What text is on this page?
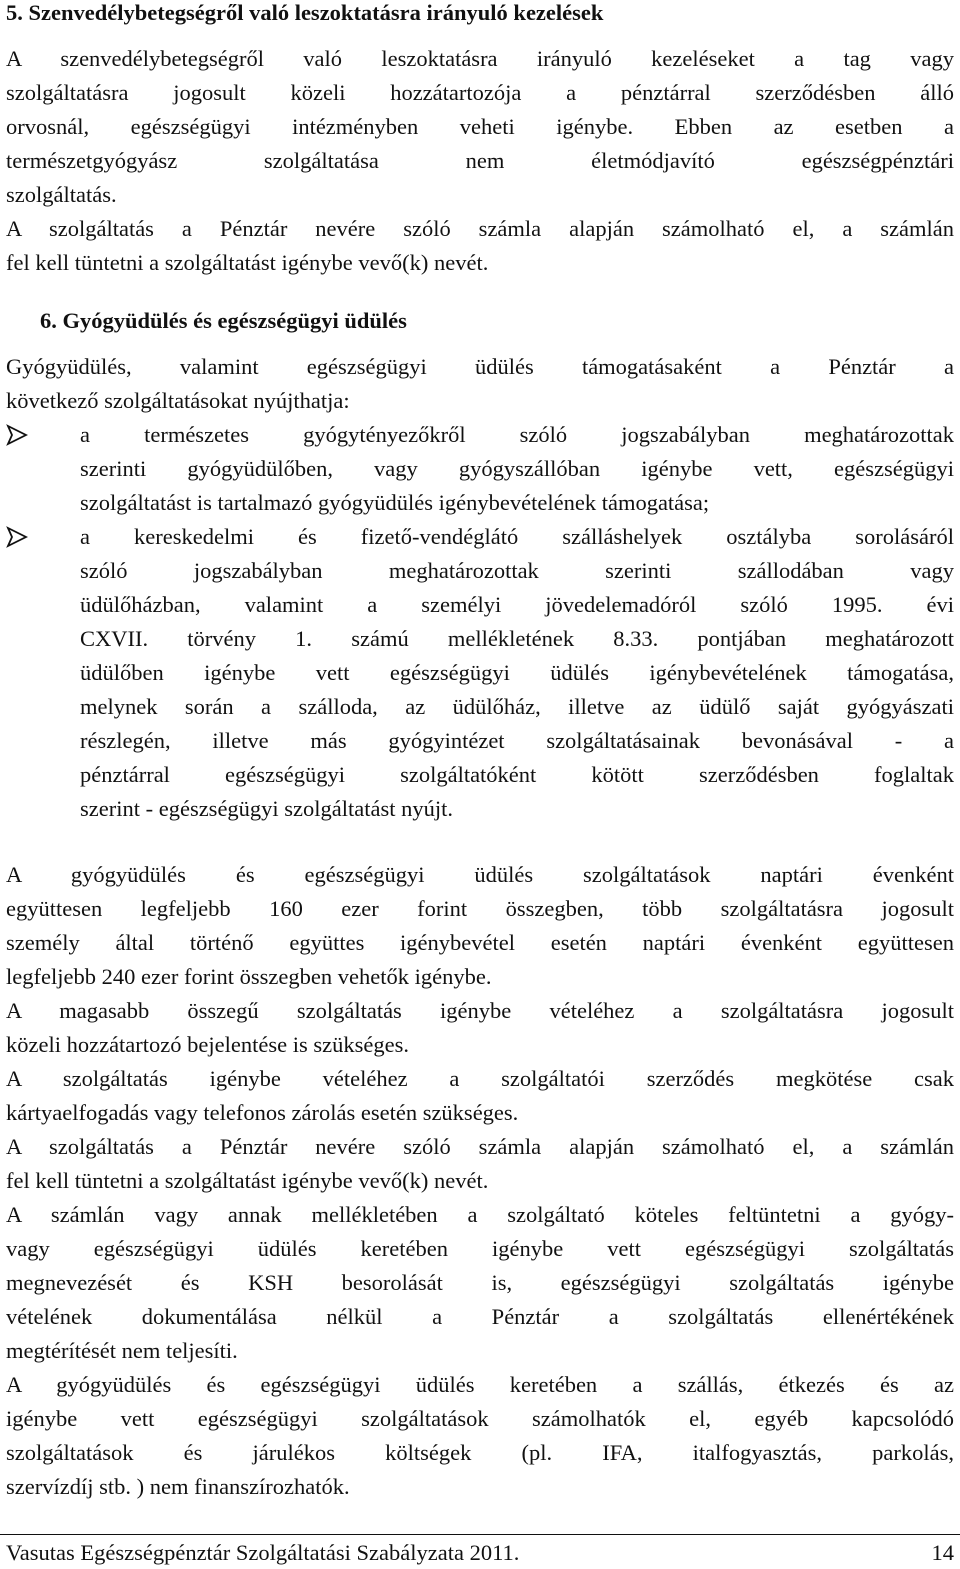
5. Szenvedélybetegségről való leszoktatásra irányuló kezelések
A szenvedélybetegségről való leszoktatásra irányuló kezeléseket a tag vagy
szolgáltatásra jogosult közeli hozzátartozója a pénztárral szerződésben álló
orvosnál, egészségügyi intézményben veheti igénybe. Ebben az esetben a
természetgyógyász szolgáltatása nem életmódjavító egészségpénztári
szolgáltatás.
A szolgáltatás a Pénztár nevére szóló számla alapján számolható el, a számlán
fel kell tüntetni a szolgáltatást igénybe vevő(k) nevét.
6. Gyógyüdülés és egészségügyi üdülés
Gyógyüdülés, valamint egészségügyi üdülés támogatásaként a Pénztár a
következő szolgáltatásokat nyújthatja:
a természetes gyógytényezőkről szóló jogszabályban meghatározottak
szerinti gyógyüdülőben, vagy gyógyszállóban igénybe vett, egészségügyi
szolgáltatást is tartalmazó gyógyüdülés igénybevételének támogatása;
a kereskedelmi és fizető-vendéglátó szálláshelyek osztályba sorolásáról
szóló jogszabályban meghatározottak szerinti szállodában vagy
üdülőházban, valamint a személyi jövedelemadóról szóló 1995. évi
CXVII. törvény 1. számú mellékletének 8.33. pontjában meghatározott
üdülőben igénybe vett egészségügyi üdülés igénybevételének támogatása,
melynek során a szálloda, az üdülőház, illetve az üdülő saját gyógyászati
részlegén, illetve más gyógyintézet szolgáltatásainak bevonásával - a
pénztárral egészségügyi szolgáltatóként kötött szerződésben foglaltak
szerint - egészségügyi szolgáltatást nyújt.
A gyógyüdülés és egészségügyi üdülés szolgáltatások naptári évenként
együttesen legfeljebb 160 ezer forint összegben, több szolgáltatásra jogosult
személy által történő együttes igénybevétel esetén naptári évenként együttesen
legfeljebb 240 ezer forint összegben vehetők igénybe.
A magasabb összegű szolgáltatás igénybe vételéhez a szolgáltatásra jogosult
közeli hozzátartozó bejelentése is szükséges.
A szolgáltatás igénybe vételéhez a szolgáltatói szerződés megkötése csak
kártyaelfogadás vagy telefonos zárolás esetén szükséges.
A szolgáltatás a Pénztár nevére szóló számla alapján számolható el, a számlán
fel kell tüntetni a szolgáltatást igénybe vevő(k) nevét.
A számlán vagy annak mellékletében a szolgáltató köteles feltüntetni a gyógy-
vagy egészségügyi üdülés keretében igénybe vett egészségügyi szolgáltatás
megnevezését és KSH besorolását is, egészségügyi szolgáltatás igénybe
vételének dokumentálása nélkül a Pénztár a szolgáltatás ellenértékének
megtérítését nem teljesíti.
A gyógyüdülés és egészségügyi üdülés keretében a szállás, étkezés és az
igénybe vett egészségügyi szolgáltatások számolhatók el, egyéb kapcsolódó
szolgáltatások és járulékos költségek (pl. IFA, italfogyasztás, parkolás,
szervízdíj stb. ) nem finanszírozhatók.
Vasutas Egészségpénztár Szolgáltatási Szabályzata 2011.	14
